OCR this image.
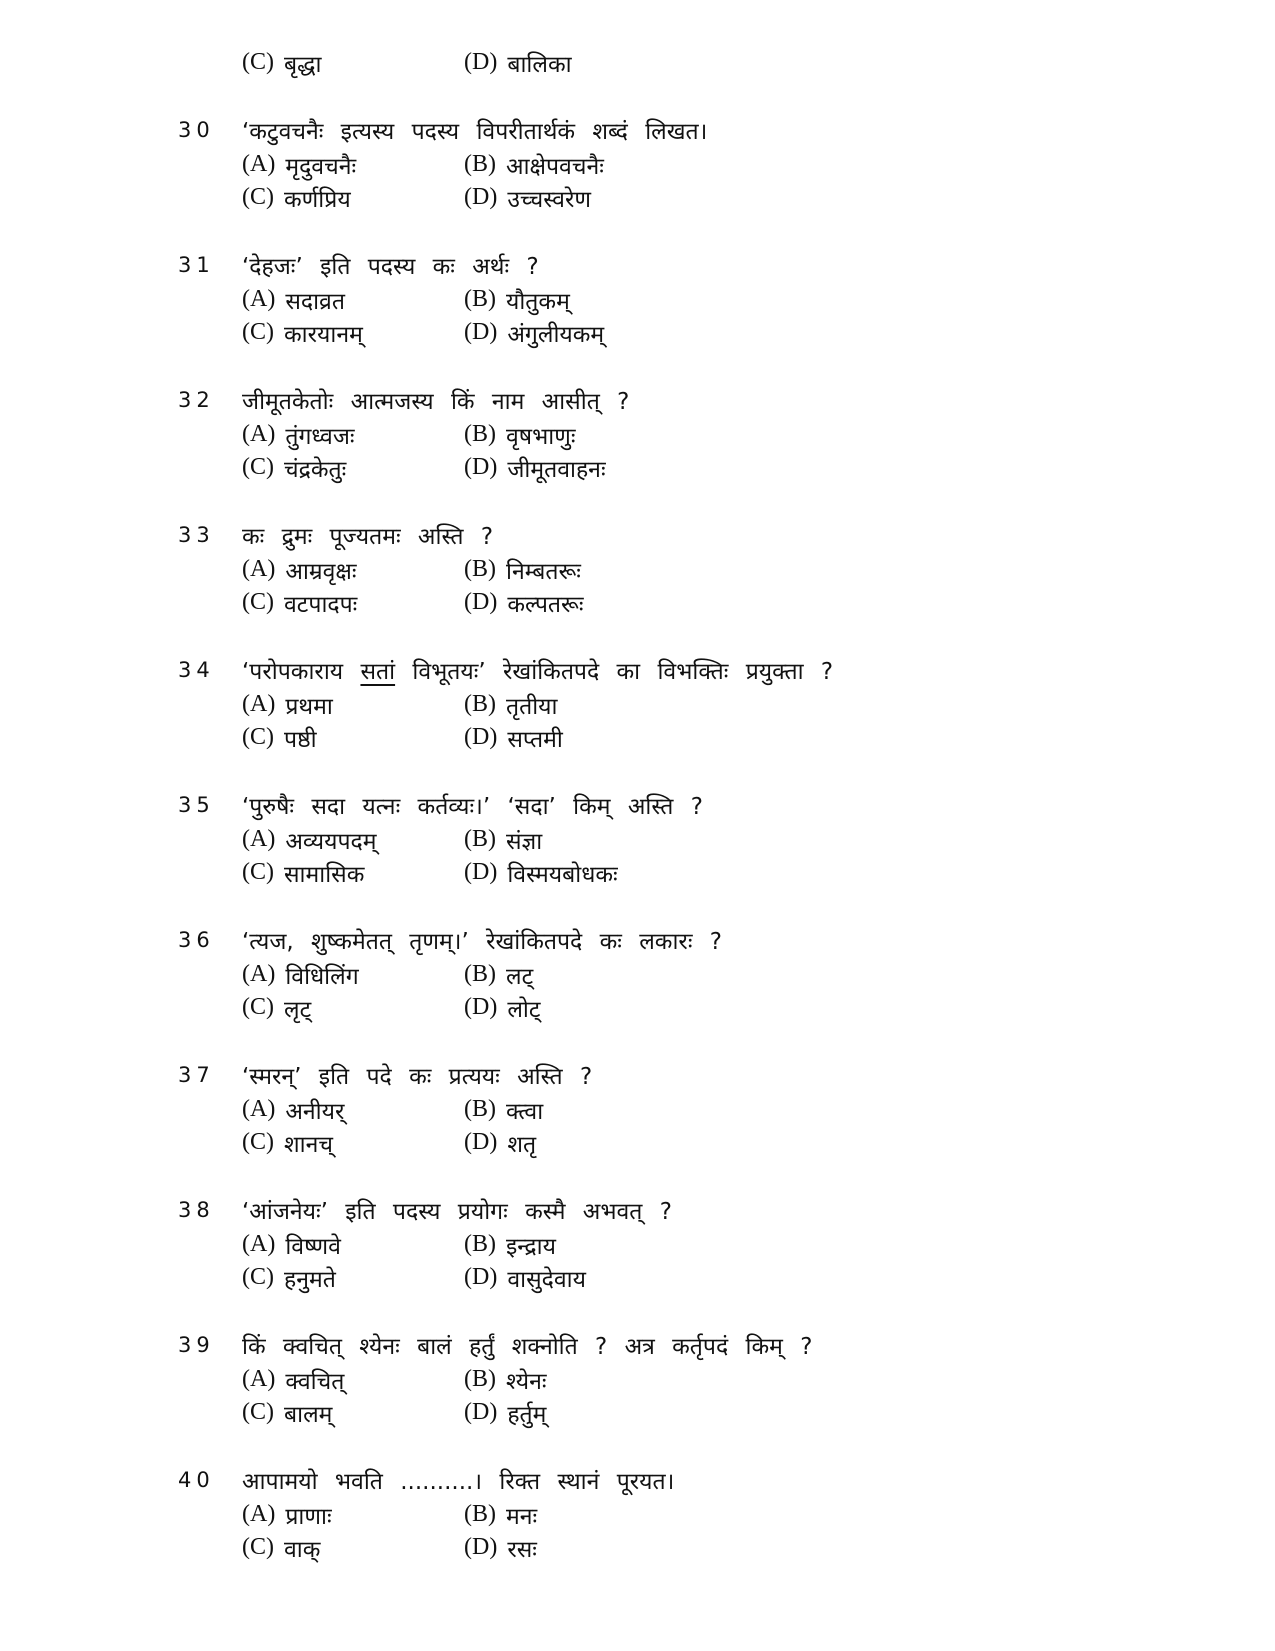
(C) बृद्धा	(D) बालिका
30	‘कटुवचनैः इत्यस्य पदस्य विपरीतार्थकं शब्दं लिखत।
(A) मृदुवचनैः	(B) आक्षेपवचनैः
(C) कर्णप्रिय	(D) उच्चस्वरेण
31	‘देहजः’ इति पदस्य कः अर्थः ?
(A) सदाव्रत	(B) यौतुकम्
(C) कारयानम्	(D) अंगुलीयकम्
32	जीमूतकेतोः आत्मजस्य किं नाम आसीत् ?
(A) तुंगध्वजः	(B) वृषभाणुः
(C) चंद्रकेतुः	(D) जीमूतवाहनः
33	कः द्रुमः पूज्यतमः अस्ति ?
(A) आम्रवृक्षः	(B) निम्बतरूः
(C) वटपादपः	(D) कल्पतरूः
34	‘परोपकाराय सतां विभूतयः’ रेखांकितपदे का विभक्तिः प्रयुक्ता ?
(A) प्रथमा	(B) तृतीया
(C) पष्ठी	(D) सप्तमी
35	‘पुरुषैः सदा यत्नः कर्तव्यः।’ ‘सदा’ किम् अस्ति ?
(A) अव्ययपदम्	(B) संज्ञा
(C) सामासिक	(D) विस्मयबोधकः
36	‘त्यज, शुष्कमेतत् तृणम्।’ रेखांकितपदे कः लकारः ?
(A) विधिलिंग	(B) लट्
(C) लृट्	(D) लोट्
37	‘स्मरन्’ इति पदे कः प्रत्ययः अस्ति ?
(A) अनीयर्	(B) क्त्वा
(C) शानच्	(D) शतृ
38	‘आंजनेयः’ इति पदस्य प्रयोगः कस्मै अभवत् ?
(A) विष्णवे	(B) इन्द्राय
(C) हनुमते	(D) वासुदेवाय
39	किं क्वचित् श्येनः बालं हर्तुं शक्नोति ? अत्र कर्तृपदं किम् ?
(A) क्वचित्	(B) श्येनः
(C) बालम्	(D) हर्तुम्
40	आपामयो भवति ..........। रिक्त स्थानं पूरयत।
(A) प्राणाः	(B) मनः
(C) वाक्	(D) रसः
